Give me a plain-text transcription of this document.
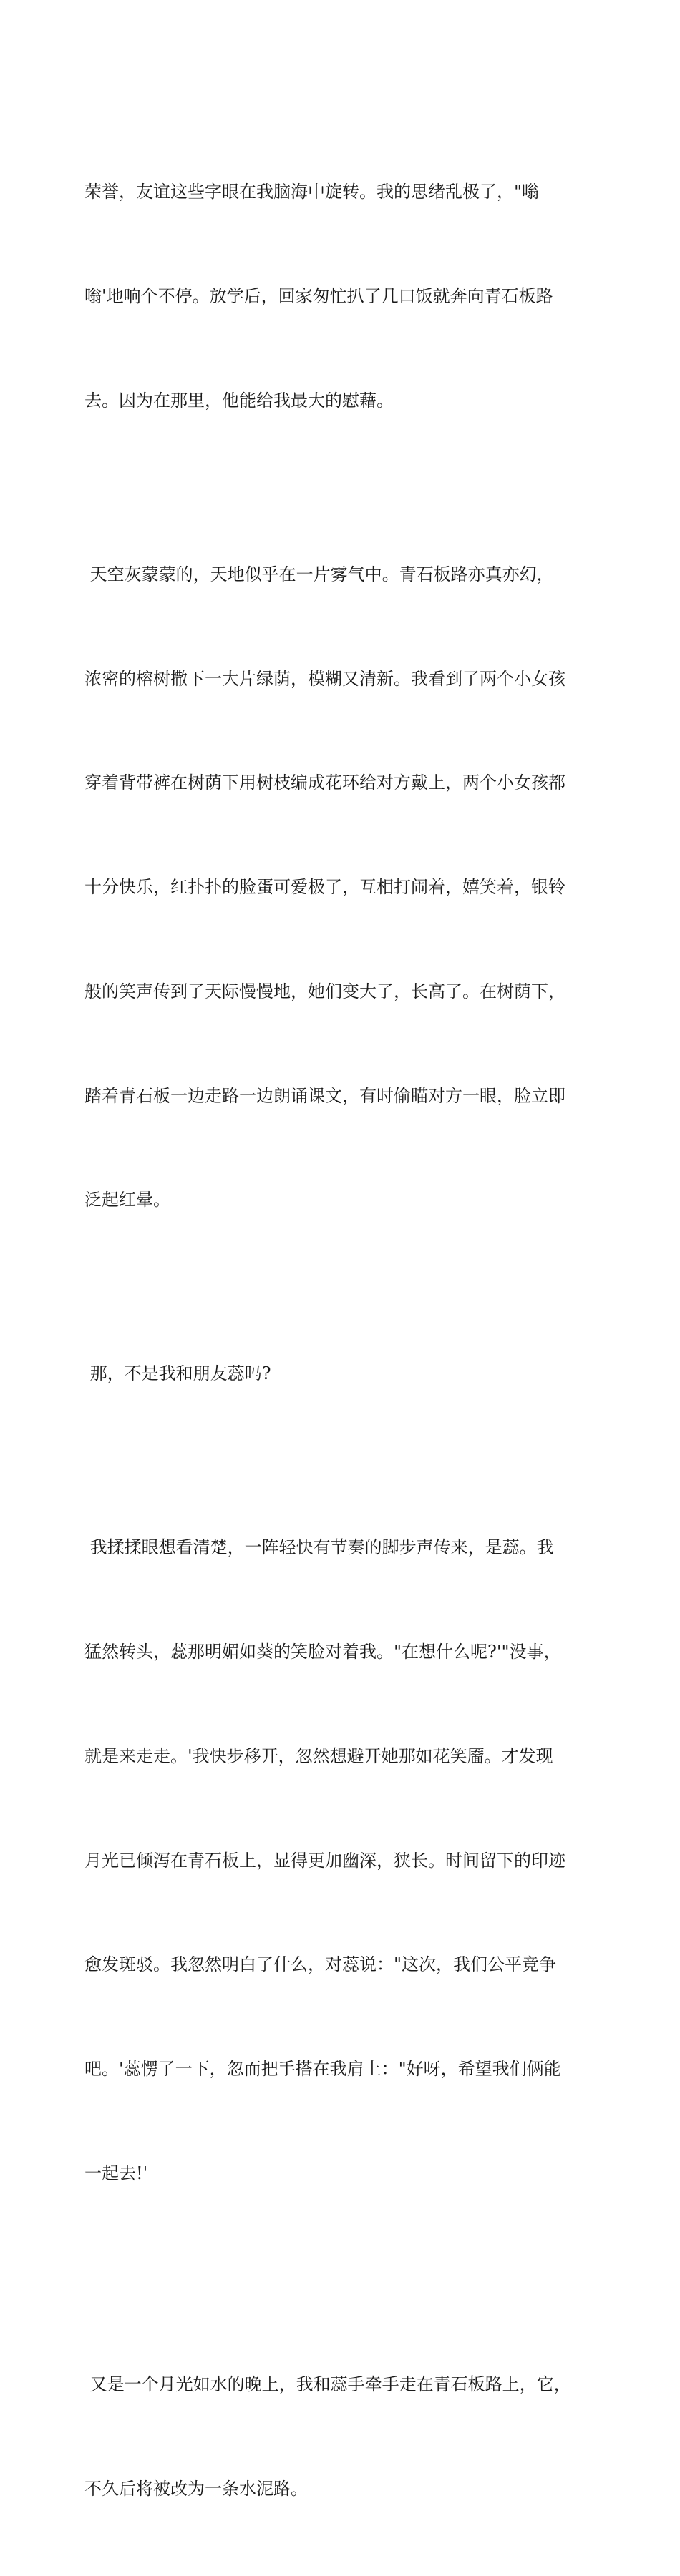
荣誉，友谊这些字眼在我脑海中旋转。我的思绪乱极了，"嗡

嗡'地响个不停。放学后，回家匆忙扒了几口饭就奔向青石板路

去。因为在那里，他能给我最大的慰藉。

天空灰蒙蒙的，天地似乎在一片雾气中。青石板路亦真亦幻，

浓密的榕树撒下一大片绿荫，模糊又清新。我看到了两个小女孩

穿着背带裤在树荫下用树枝编成花环给对方戴上，两个小女孩都

十分快乐，红扑扑的脸蛋可爱极了，互相打闹着，嬉笑着，银铃

般的笑声传到了天际慢慢地，她们变大了，长高了。在树荫下，

踏着青石板一边走路一边朗诵课文，有时偷瞄对方一眼，脸立即

泛起红晕。

那，不是我和朋友蕊吗?

我揉揉眼想看清楚，一阵轻快有节奏的脚步声传来，是蕊。我

猛然转头，蕊那明媚如葵的笑脸对着我。"在想什么呢?'"没事，

就是来走走。'我快步移开，忽然想避开她那如花笑靥。才发现

月光已倾泻在青石板上，显得更加幽深，狭长。时间留下的印迹

愈发斑驳。我忽然明白了什么，对蕊说："这次，我们公平竞争

吧。'蕊愣了一下，忽而把手搭在我肩上："好呀，希望我们俩能

一起去!'

又是一个月光如水的晚上，我和蕊手牵手走在青石板路上，它，

不久后将被改为一条水泥路。
